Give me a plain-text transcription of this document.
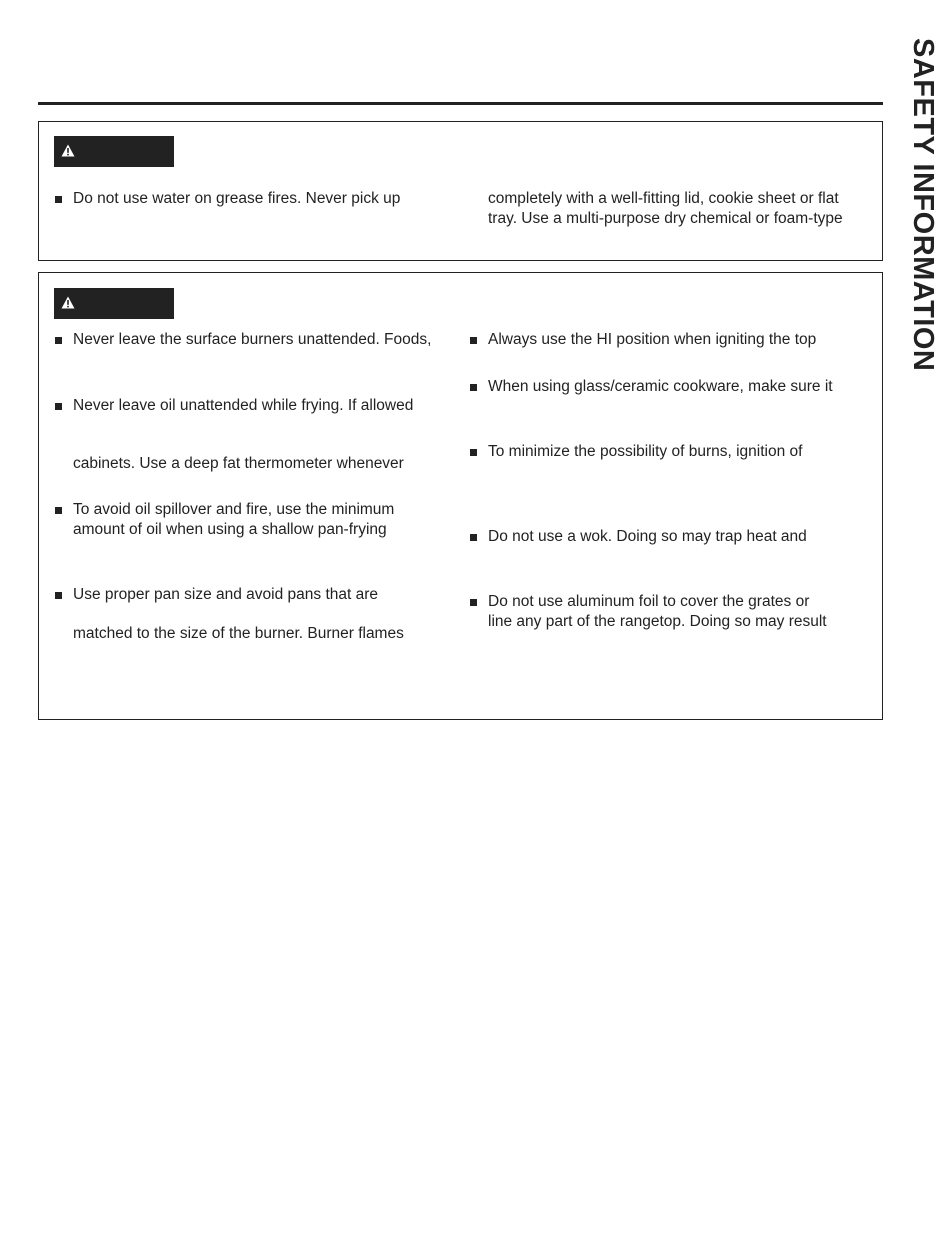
SAFETY INFORMATION
Do not use water on grease fires. Never pick up	completely with a well-fitting lid, cookie sheet or flat
tray. Use a multi-purpose dry chemical or foam-type
Never leave the surface burners unattended. Foods,
Never leave oil unattended while frying. If allowed
cabinets. Use a deep fat thermometer whenever
To avoid oil spillover and fire, use the minimum
amount of oil when using a shallow pan-frying
Use proper pan size and avoid pans that are
matched to the size of the burner. Burner flames
Always use the HI position when igniting the top
When using glass/ceramic cookware, make sure it
To minimize the possibility of burns, ignition of
Do not use a wok. Doing so may trap heat and
Do not use aluminum foil to cover the grates or
line any part of the rangetop. Doing so may result
